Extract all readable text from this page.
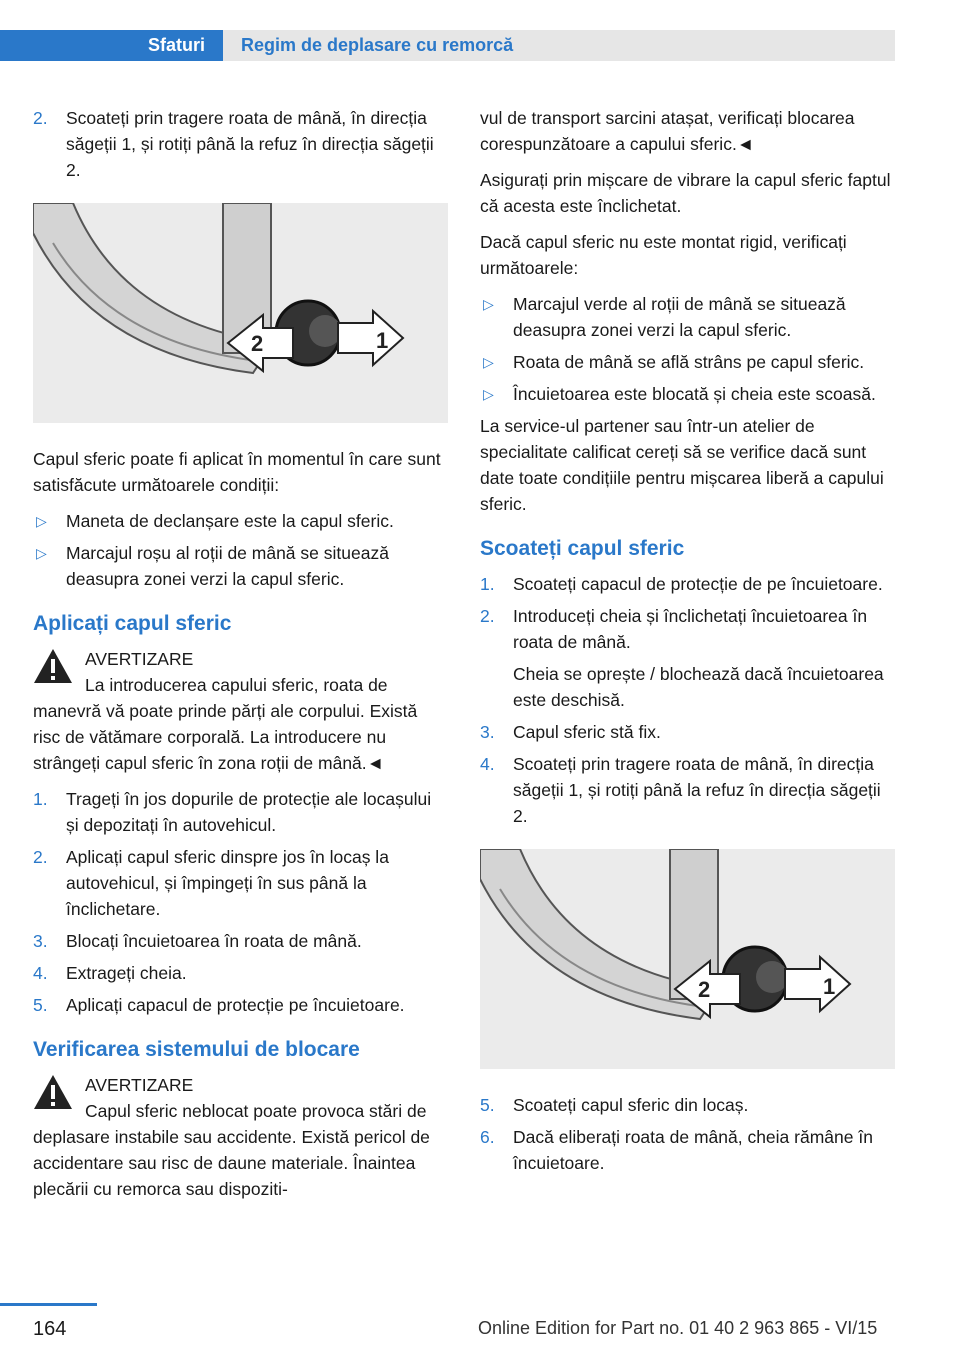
Sfaturi	Regim de deplasare cu remorcă
2. Scoateți prin tragere roata de mână, în direcția săgeții 1, și rotiți până la refuz în direcția săgeții 2.
2	1

Capul sferic poate fi aplicat în momentul în care sunt satisfăcute următoarele condiții:

▷ Maneta de declanșare este la capul sferic.
▷ Marcajul roșu al roții de mână se situează deasupra zonei verzi la capul sferic.
Aplicați capul sferic
AVERTIZARE

La introducerea capului sferic, roata de manevră vă poate prinde părți ale corpului. Există risc de vătămare corporală. La introducere nu strângeți capul sferic în zona roții de mână.◄

1. Trageți în jos dopurile de protecție ale locașului și depozitați în autovehicul.
2. Aplicați capul sferic dinspre jos în locaș la autovehicul, și împingeți în sus până la înclichetare.
3. Blocați încuietoarea în roata de mână.
4. Extrageți cheia.
5. Aplicați capacul de protecție pe încuietoare.
Verificarea sistemului de blocare
AVERTIZARE

Capul sferic neblocat poate provoca stări de deplasare instabile sau accidente. Există pericol de accidentare sau risc de daune materiale. Înaintea plecării cu remorca sau dispoziti-

vul de transport sarcini atașat, verificați blocarea corespunzătoare a capului sferic.◄

Asigurați prin mișcare de vibrare la capul sferic faptul că acesta este înclichetat.

Dacă capul sferic nu este montat rigid, verificați următoarele:

▷ Marcajul verde al roții de mână se situează deasupra zonei verzi la capul sferic.
▷ Roata de mână se află strâns pe capul sferic.
▷ Încuietoarea este blocată și cheia este scoasă.

La service-ul partener sau într-un atelier de specialitate calificat cereți să se verifice dacă sunt date toate condițiile pentru mișcarea liberă a capului sferic.

Scoateți capul sferic
1. Scoateți capacul de protecție de pe încuietoare.
2. Introduceți cheia și înclichetați încuietoarea în roata de mână.
Cheia se oprește / blochează dacă încuietoarea este deschisă.
3. Capul sferic stă fix.
4. Scoateți prin tragere roata de mână, în direcția săgeții 1, și rotiți până la refuz în direcția săgeții 2.
2	1
5. Scoateți capul sferic din locaș.
6. Dacă eliberați roata de mână, cheia rămâne în încuietoare.
164	Online Edition for Part no. 01 40 2 963 865 - VI/15
